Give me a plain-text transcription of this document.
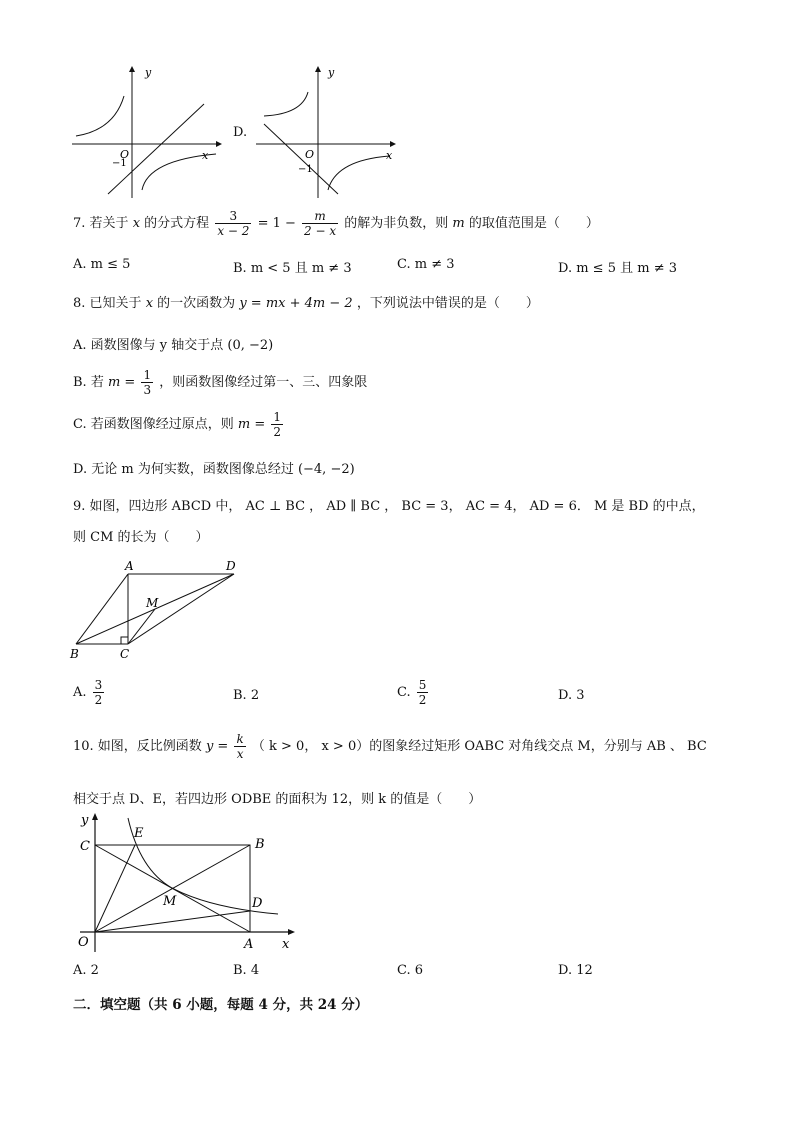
y
x
O
−1
D.
y
x
O
−1
7. 若关于 x 的分式方程 $\frac{3}{x - 2} = 1 - \frac{m}{2 - x}$ 的解为非负数，则 m 的取值范围是（　　）
A. m ≤ 5	B. m < 5 且 m ≠ 3	C. m ≠ 3	D. m ≤ 5 且 m ≠ 3
8. 已知关于 x 的一次函数为 y = mx + 4m − 2 ，下列说法中错误的是（　　）
A. 函数图像与 y 轴交于点 (0, −2)
B. 若 $m = \frac{1}{3}$ ，则函数图像经过第一、三、四象限
C. 若函数图像经过原点，则 $m = \frac{1}{2}$
D. 无论 m 为何实数，函数图像总经过 (−4, −2)
9. 如图，四边形 ABCD 中， AC ⊥ BC ， AD ∥ BC ， BC = 3， AC = 4， AD = 6． M 是 BD 的中点，
则 CM 的长为（　　）
A	D
B	C
M
A. $\frac{3}{2}$	B. 2	C. $\frac{5}{2}$	D. 3
10. 如图，反比例函数 $y = \frac{k}{x}$ （ k > 0， x > 0）的图象经过矩形 OABC 对角线交点 M，分别与 AB 、 BC
相交于点 D、E，若四边形 ODBE 的面积为 12，则 k 的值是（　　）
y
x
O	A
B
C
D
E
M
A. 2	B. 4	C. 6	D. 12
二．填空题（共 6 小题，每题 4 分，共 24 分）
